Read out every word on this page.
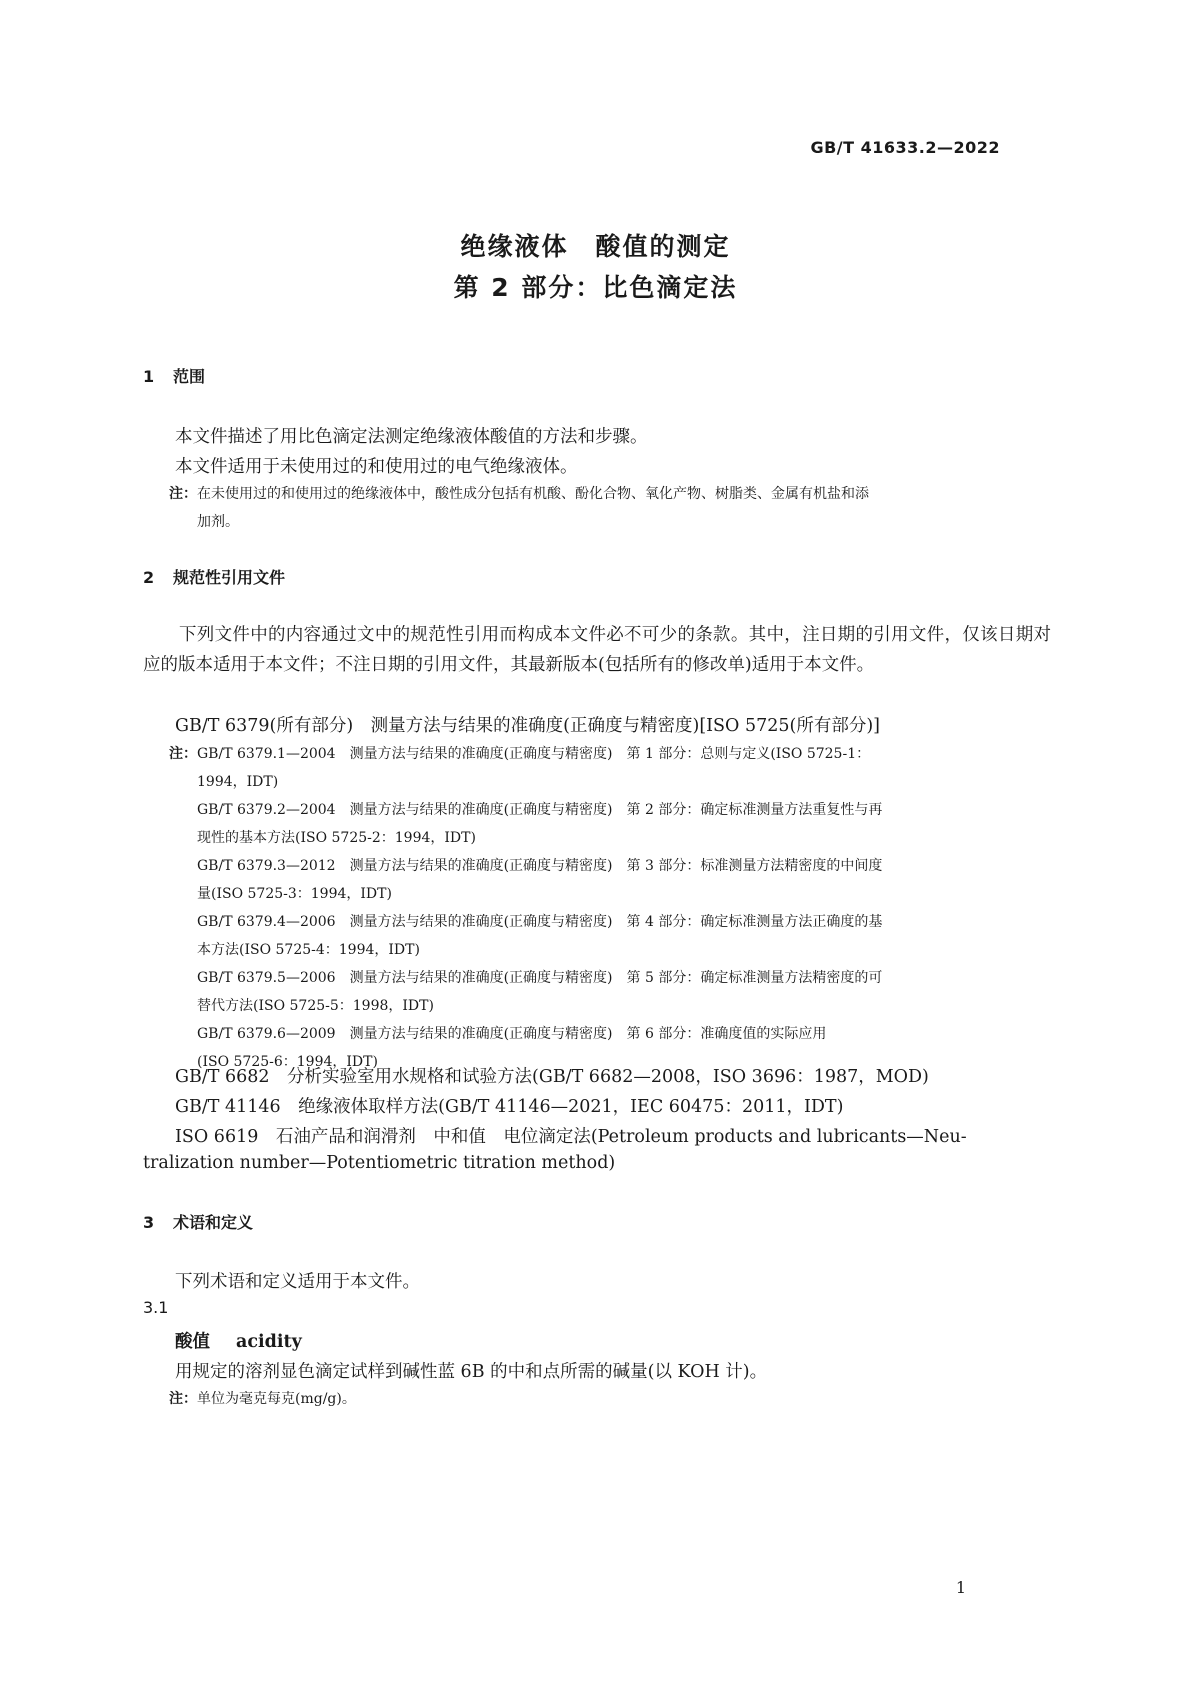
GB/T 41633.2—2022
绝缘液体　酸值的测定
第 2 部分：比色滴定法
1 范围
本文件描述了用比色滴定法测定绝缘液体酸值的方法和步骤。
本文件适用于未使用过的和使用过的电气绝缘液体。
注：在未使用过的和使用过的绝缘液体中，酸性成分包括有机酸、酚化合物、氧化产物、树脂类、金属有机盐和添
加剂。
2 规范性引用文件
下列文件中的内容通过文中的规范性引用而构成本文件必不可少的条款。其中，注日期的引用文件，仅该日期对应的版本适用于本文件；不注日期的引用文件，其最新版本(包括所有的修改单)适用于本文件。
GB/T 6379(所有部分)　测量方法与结果的准确度(正确度与精密度)[ISO 5725(所有部分)]
注：GB/T 6379.1—2004　测量方法与结果的准确度(正确度与精密度)　第 1 部分：总则与定义(ISO 5725-1：
1994，IDT)
GB/T 6379.2—2004　测量方法与结果的准确度(正确度与精密度)　第 2 部分：确定标准测量方法重复性与再
现性的基本方法(ISO 5725-2：1994，IDT)
GB/T 6379.3—2012　测量方法与结果的准确度(正确度与精密度)　第 3 部分：标准测量方法精密度的中间度
量(ISO 5725-3：1994，IDT)
GB/T 6379.4—2006　测量方法与结果的准确度(正确度与精密度)　第 4 部分：确定标准测量方法正确度的基
本方法(ISO 5725-4：1994，IDT)
GB/T 6379.5—2006　测量方法与结果的准确度(正确度与精密度)　第 5 部分：确定标准测量方法精密度的可
替代方法(ISO 5725-5：1998，IDT)
GB/T 6379.6—2009　测量方法与结果的准确度(正确度与精密度)　第 6 部分：准确度值的实际应用
(ISO 5725-6：1994，IDT)
GB/T 6682　分析实验室用水规格和试验方法(GB/T 6682—2008，ISO 3696：1987，MOD)
GB/T 41146　绝缘液体取样方法(GB/T 41146—2021，IEC 60475：2011，IDT)
ISO 6619　石油产品和润滑剂　中和值　电位滴定法(Petroleum products and lubricants—Neu-
tralization number—Potentiometric titration method)
3 术语和定义
下列术语和定义适用于本文件。
3.1
酸值 acidity
用规定的溶剂显色滴定试样到碱性蓝 6B 的中和点所需的碱量(以 KOH 计)。
注：单位为毫克每克(mg/g)。
1
